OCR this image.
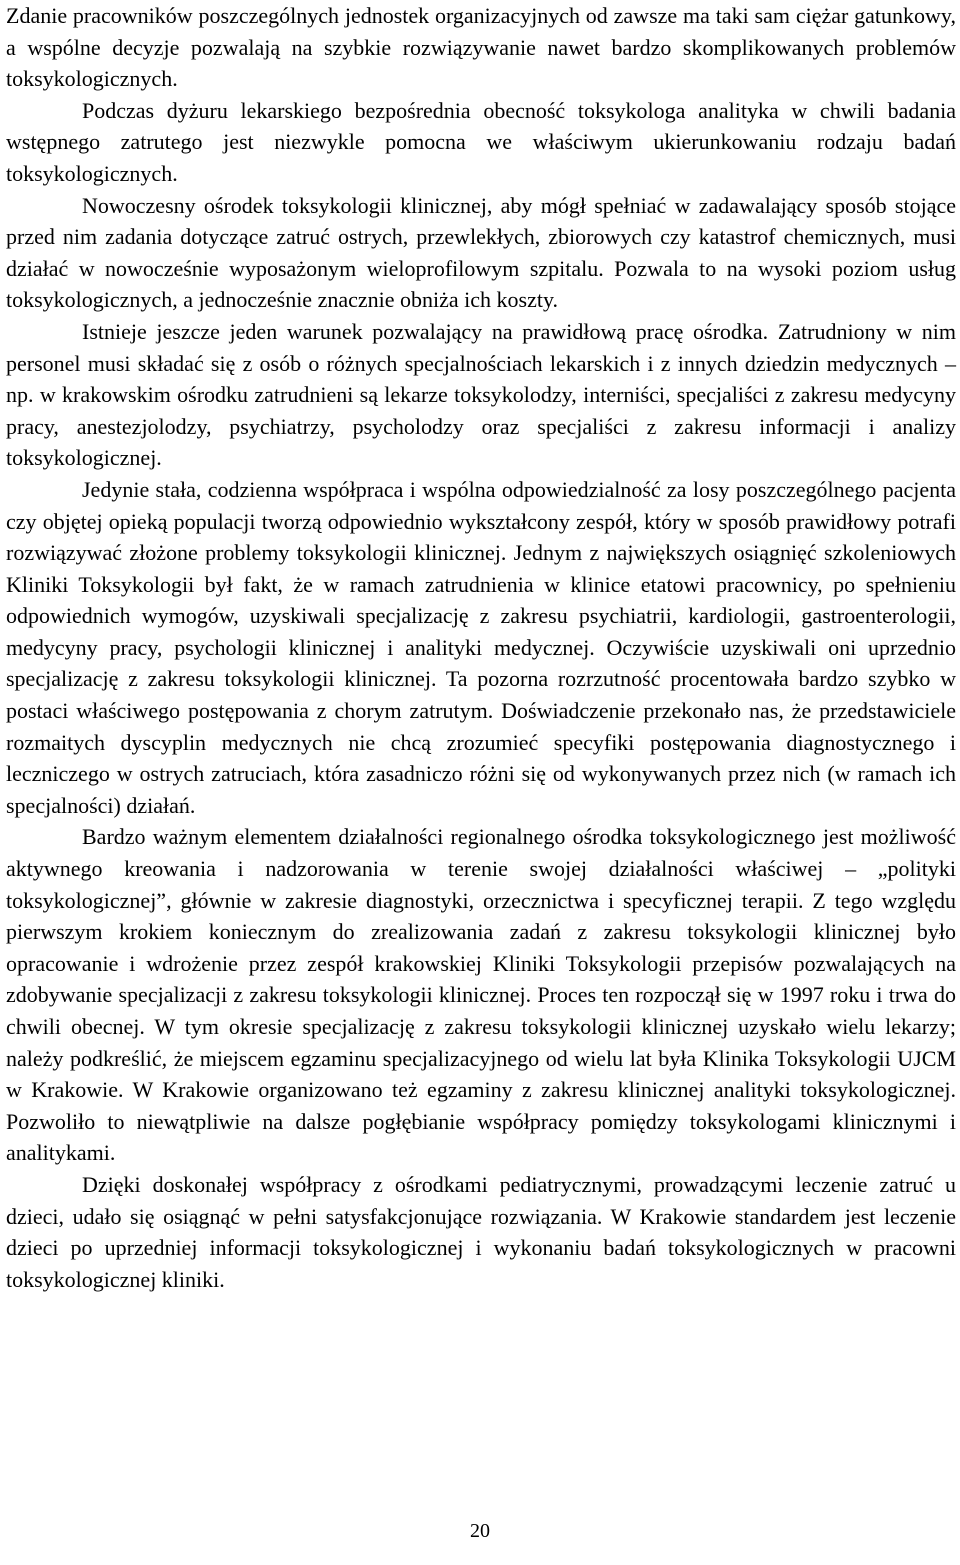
Zdanie pracowników poszczególnych jednostek organizacyjnych od zawsze ma taki sam ciężar gatunkowy, a wspólne decyzje pozwalają na szybkie rozwiązywanie nawet bardzo skomplikowanych problemów toksykologicznych.

Podczas dyżuru lekarskiego bezpośrednia obecność toksykologa analityka w chwili badania wstępnego zatrutego jest niezwykle pomocna we właściwym ukierunkowaniu rodzaju badań toksykologicznych.

Nowoczesny ośrodek toksykologii klinicznej, aby mógł spełniać w zadawalający sposób stojące przed nim zadania dotyczące zatruć ostrych, przewlekłych, zbiorowych czy katastrof chemicznych, musi działać w nowocześnie wyposażonym wieloprofilowym szpitalu. Pozwala to na wysoki poziom usług toksykologicznych, a jednocześnie znacznie obniża ich koszty.

Istnieje jeszcze jeden warunek pozwalający na prawidłową pracę ośrodka. Zatrudniony w nim personel musi składać się z osób o różnych specjalnościach lekarskich i z innych dziedzin medycznych – np. w krakowskim ośrodku zatrudnieni są lekarze toksykolodzy, interniści, specjaliści z zakresu medycyny pracy, anestezjolodzy, psychiatrzy, psycholodzy oraz specjaliści z zakresu informacji i analizy toksykologicznej.

Jedynie stała, codzienna współpraca i wspólna odpowiedzialność za losy poszczególnego pacjenta czy objętej opieką populacji tworzą odpowiednio wykształcony zespół, który w sposób prawidłowy potrafi rozwiązywać złożone problemy toksykologii klinicznej. Jednym z największych osiągnięć szkoleniowych Kliniki Toksykologii był fakt, że w ramach zatrudnienia w klinice etatowi pracownicy, po spełnieniu odpowiednich wymogów, uzyskiwali specjalizację z zakresu psychiatrii, kardiologii, gastroenterologii, medycyny pracy, psychologii klinicznej i analityki medycznej. Oczywiście uzyskiwali oni uprzednio specjalizację z zakresu toksykologii klinicznej. Ta pozorna rozrzutność procentowała bardzo szybko w postaci właściwego postępowania z chorym zatrutym. Doświadczenie przekonało nas, że przedstawiciele rozmaitych dyscyplin medycznych nie chcą zrozumieć specyfiki postępowania diagnostycznego i leczniczego w ostrych zatruciach, która zasadniczo różni się od wykonywanych przez nich (w ramach ich specjalności) działań.

Bardzo ważnym elementem działalności regionalnego ośrodka toksykologicznego jest możliwość aktywnego kreowania i nadzorowania w terenie swojej działalności właściwej – „polityki toksykologicznej”, głównie w zakresie diagnostyki, orzecznictwa i specyficznej terapii. Z tego względu pierwszym krokiem koniecznym do zrealizowania zadań z zakresu toksykologii klinicznej było opracowanie i wdrożenie przez zespół krakowskiej Kliniki Toksykologii przepisów pozwalających na zdobywanie specjalizacji z zakresu toksykologii klinicznej. Proces ten rozpoczął się w 1997 roku i trwa do chwili obecnej. W tym okresie specjalizację z zakresu toksykologii klinicznej uzyskało wielu lekarzy; należy podkreślić, że miejscem egzaminu specjalizacyjnego od wielu lat była Klinika Toksykologii UJCM w Krakowie. W Krakowie organizowano też egzaminy z zakresu klinicznej analityki toksykologicznej. Pozwoliło to niewątpliwie na dalsze pogłębianie współpracy pomiędzy toksykologami klinicznymi i analitykami.

Dzięki doskonałej współpracy z ośrodkami pediatrycznymi, prowadzącymi leczenie zatruć u dzieci, udało się osiągnąć w pełni satysfakcjonujące rozwiązania. W Krakowie standardem jest leczenie dzieci po uprzedniej informacji toksykologicznej i wykonaniu badań toksykologicznych w pracowni toksykologicznej kliniki.

20
